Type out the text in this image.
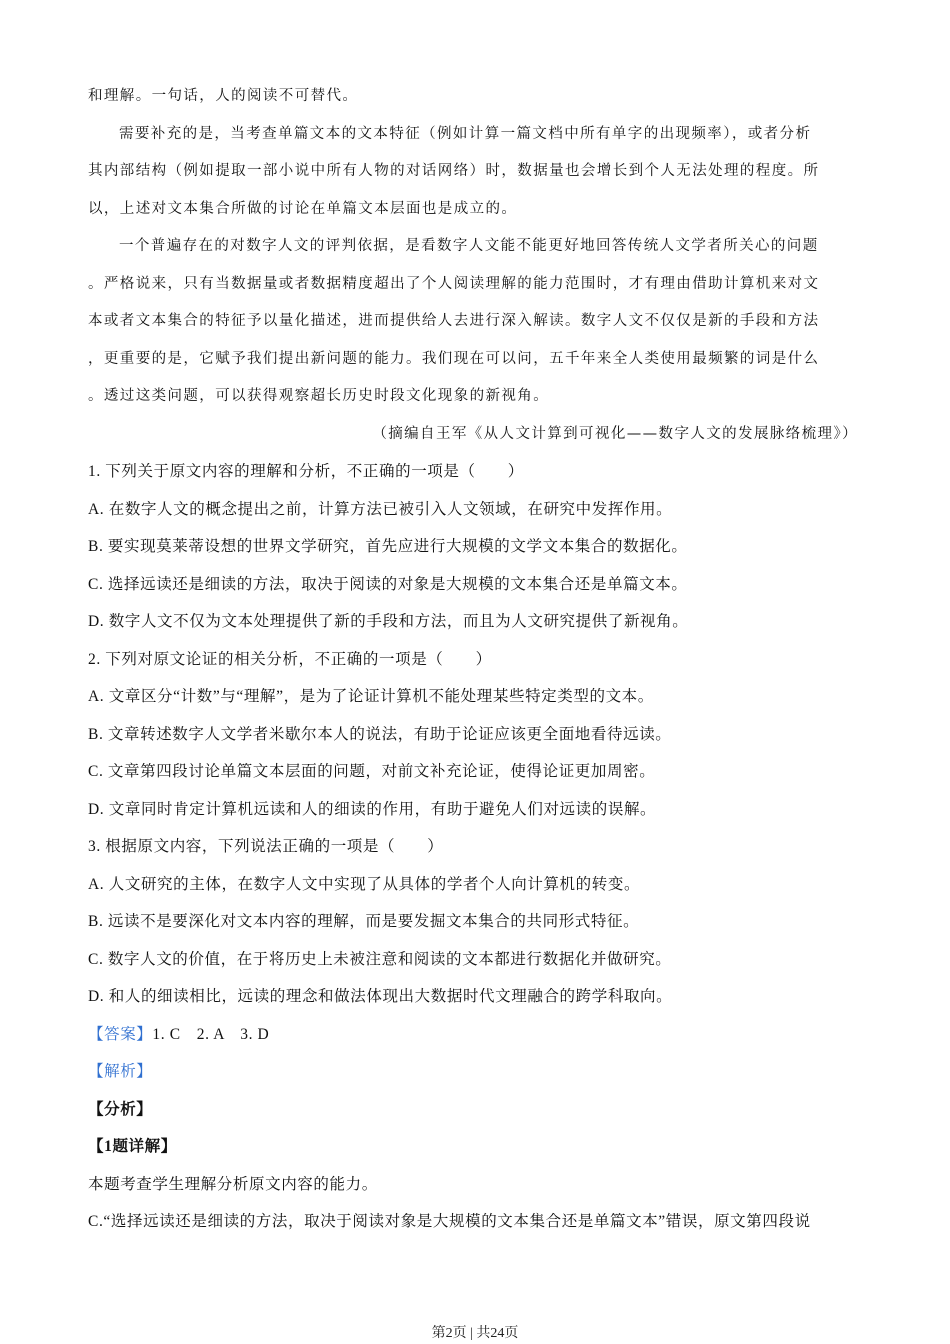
和理解。一句话，人的阅读不可替代。
需要补充的是，当考查单篇文本的文本特征（例如计算一篇文档中所有单字的出现频率），或者分析
其内部结构（例如提取一部小说中所有人物的对话网络）时，数据量也会增长到个人无法处理的程度。所
以，上述对文本集合所做的讨论在单篇文本层面也是成立的。
一个普遍存在的对数字人文的评判依据，是看数字人文能不能更好地回答传统人文学者所关心的问题
。严格说来，只有当数据量或者数据精度超出了个人阅读理解的能力范围时，才有理由借助计算机来对文
本或者文本集合的特征予以量化描述，进而提供给人去进行深入解读。数字人文不仅仅是新的手段和方法
，更重要的是，它赋予我们提出新问题的能力。我们现在可以问，五千年来全人类使用最频繁的词是什么
。透过这类问题，可以获得观察超长历史时段文化现象的新视角。
（摘编自王军《从人文计算到可视化——数字人文的发展脉络梳理》）
1. 下列关于原文内容的理解和分析，不正确的一项是（　　）
A. 在数字人文的概念提出之前，计算方法已被引入人文领域，在研究中发挥作用。
B. 要实现莫莱蒂设想的世界文学研究，首先应进行大规模的文学文本集合的数据化。
C. 选择远读还是细读的方法，取决于阅读的对象是大规模的文本集合还是单篇文本。
D. 数字人文不仅为文本处理提供了新的手段和方法，而且为人文研究提供了新视角。
2. 下列对原文论证的相关分析，不正确的一项是（　　）
A. 文章区分“计数”与“理解”，是为了论证计算机不能处理某些特定类型的文本。
B. 文章转述数字人文学者米歇尔本人的说法，有助于论证应该更全面地看待远读。
C. 文章第四段讨论单篇文本层面的问题，对前文补充论证，使得论证更加周密。
D. 文章同时肯定计算机远读和人的细读的作用，有助于避免人们对远读的误解。
3. 根据原文内容，下列说法正确的一项是（　　）
A. 人文研究的主体，在数字人文中实现了从具体的学者个人向计算机的转变。
B. 远读不是要深化对文本内容的理解，而是要发掘文本集合的共同形式特征。
C. 数字人文的价值，在于将历史上未被注意和阅读的文本都进行数据化并做研究。
D. 和人的细读相比，远读的理念和做法体现出大数据时代文理融合的跨学科取向。
【答案】1. C　2. A　3. D
【解析】
【分析】
【1题详解】
本题考查学生理解分析原文内容的能力。
C.“选择远读还是细读的方法，取决于阅读对象是大规模的文本集合还是单篇文本”错误，原文第四段说
第2页 | 共24页
